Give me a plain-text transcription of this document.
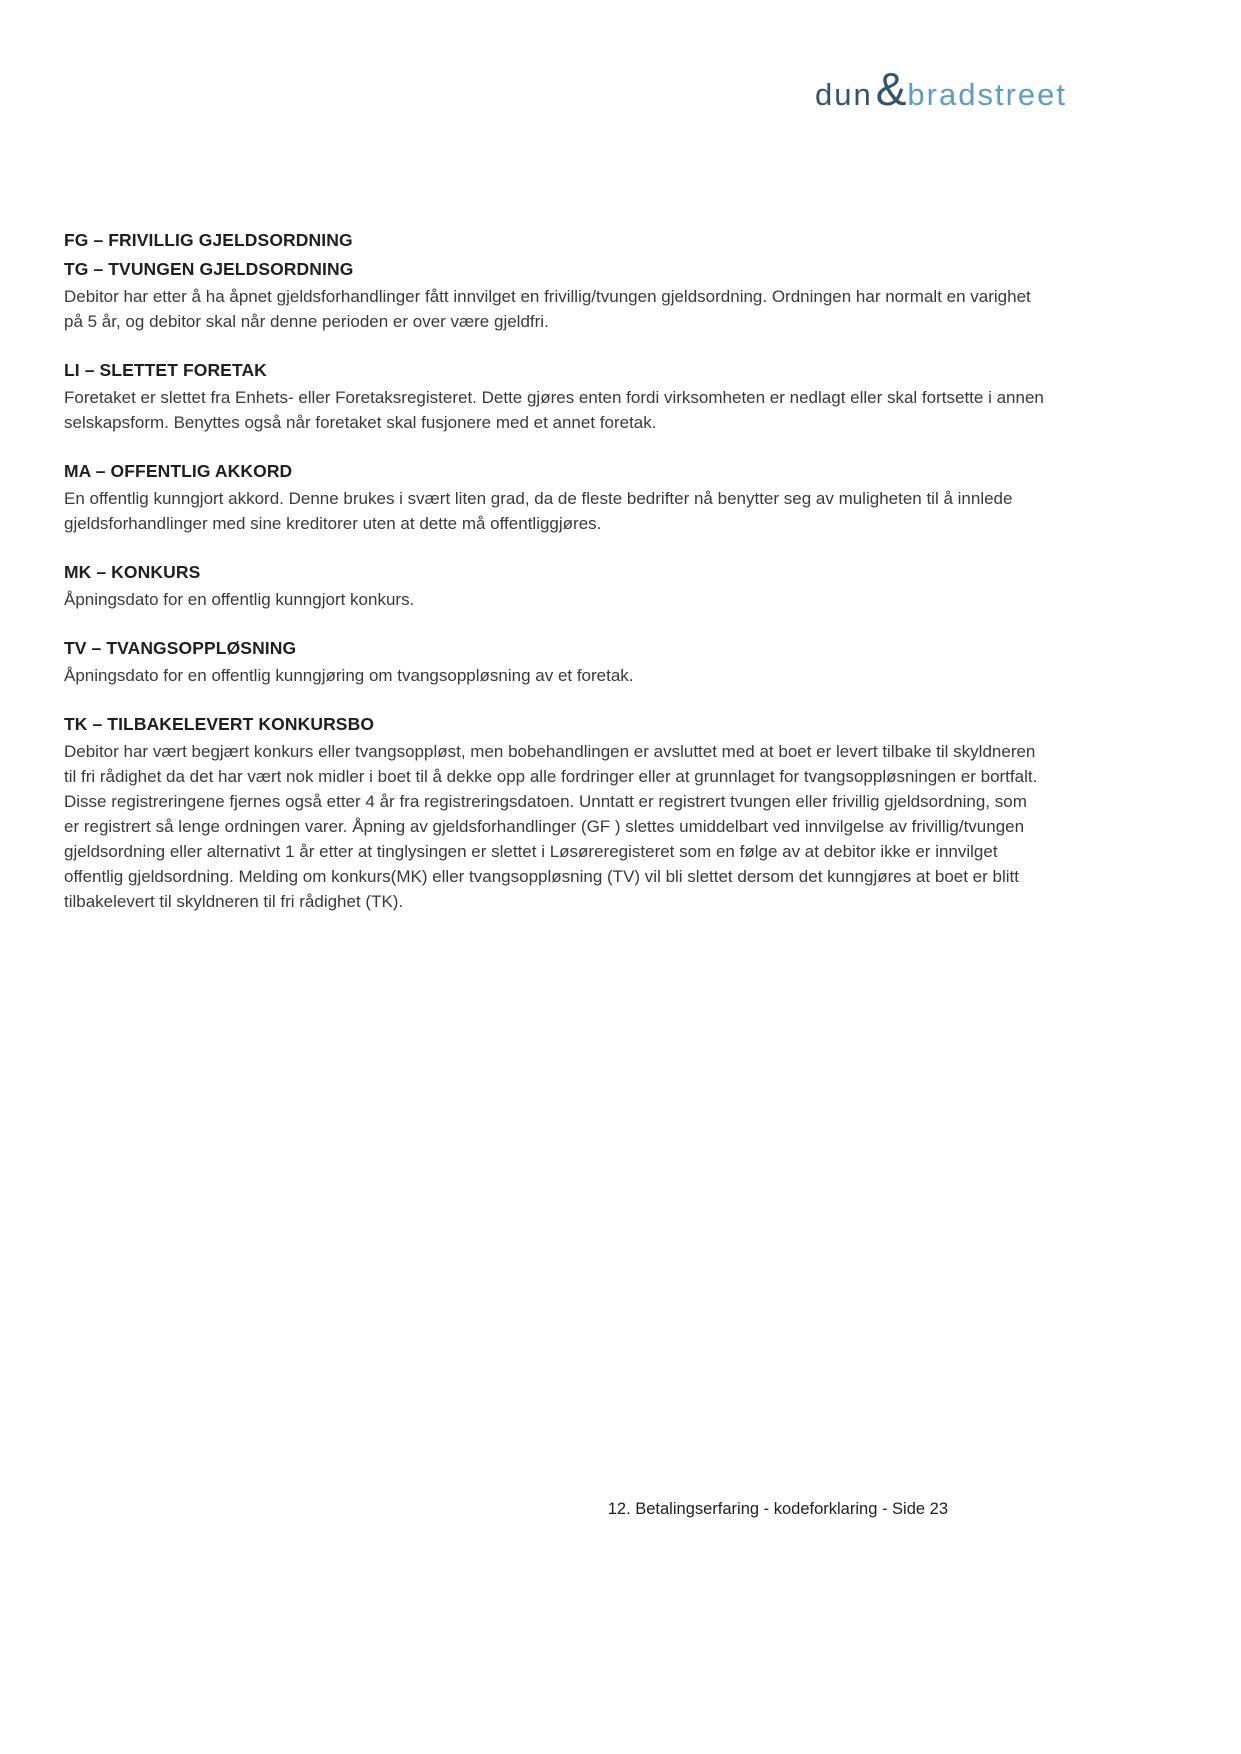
dun & bradstreet
FG – FRIVILLIG GJELDSORDNING
TG – TVUNGEN GJELDSORDNING

Debitor har etter å ha åpnet gjeldsforhandlinger fått innvilget en frivillig/tvungen gjeldsordning. Ordningen har normalt en varighet på 5 år, og debitor skal når denne perioden er over være gjeldfri.

LI – SLETTET FORETAK

Foretaket er slettet fra Enhets- eller Foretaksregisteret. Dette gjøres enten fordi virksomheten er nedlagt eller skal fortsette i annen selskapsform. Benyttes også når foretaket skal fusjonere med et annet foretak.

MA – OFFENTLIG AKKORD

En offentlig kunngjort akkord. Denne brukes i svært liten grad, da de fleste bedrifter nå benytter seg av muligheten til å innlede gjeldsforhandlinger med sine kreditorer uten at dette må offentliggjøres.

MK – KONKURS

Åpningsdato for en offentlig kunngjort konkurs.

TV – TVANGSOPPLØSNING

Åpningsdato for en offentlig kunngjøring om tvangsoppløsning av et foretak.

TK – TILBAKELEVERT KONKURSBO

Debitor har vært begjært konkurs eller tvangsoppløst, men bobehandlingen er avsluttet med at boet er levert tilbake til skyldneren til fri rådighet da det har vært nok midler i boet til å dekke opp alle fordringer eller at grunnlaget for tvangsoppløsningen er bortfalt. Disse registreringene fjernes også etter 4 år fra registreringsdatoen. Unntatt er registrert tvungen eller frivillig gjeldsordning, som er registrert så lenge ordningen varer. Åpning av gjeldsforhandlinger (GF ) slettes umiddelbart ved innvilgelse av frivillig/tvungen gjeldsordning eller alternativt 1 år etter at tinglysingen er slettet i Løsøreregisteret som en følge av at debitor ikke er innvilget offentlig gjeldsordning. Melding om konkurs(MK) eller tvangsoppløsning (TV) vil bli slettet dersom det kunngjøres at boet er blitt tilbakelevert til skyldneren til fri rådighet (TK).

12. Betalingserfaring - kodeforklaring - Side 23
